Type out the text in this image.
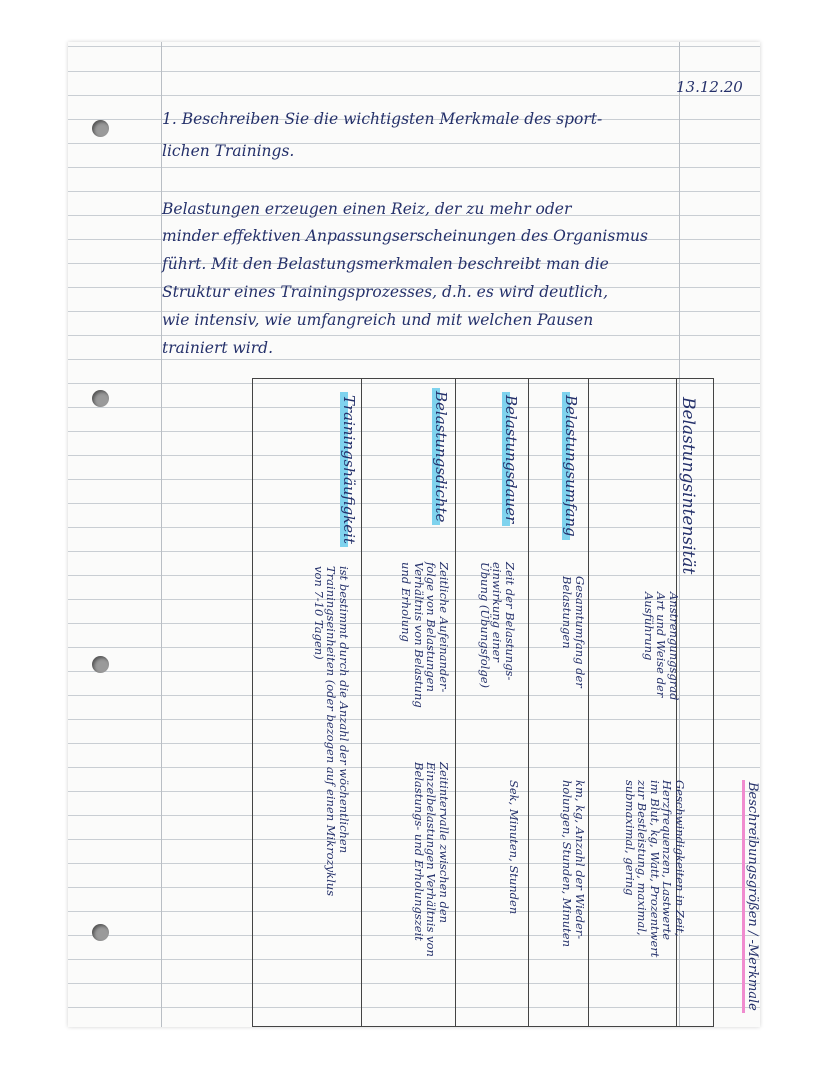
13.12.20
1. Beschreiben Sie die wichtigsten Merkmale des sport-
lichen Trainings.
Belastungen erzeugen einen Reiz, der zu mehr oder
minder effektiven Anpassungserscheinungen des Organismus
führt. Mit den Belastungsmerkmalen beschreibt man die
Struktur eines Trainingsprozesses, d.h. es wird deutlich,
wie intensiv, wie umfangreich und mit welchen Pausen
trainiert wird.
Beschreibungsgrößen / -Merkmale
Belastungsintensität
Anstrengungsgrad
Art und Weise der
Ausführung
Geschwindigkeiten in Zeit,
Herzfrequenzen, Lastwerte
im Blut, kg, Watt, Prozentwert
zur Bestleistung, maximal,
submaximal, gering
Belastungsumfang
Gesamtumfang der
Belastungen
km, kg, Anzahl der Wieder-
holungen, Stunden, Minuten
Belastungsdauer
Zeit der Belastungs-
einwirkung einer
Übung (Übungsfolge)
Sek, Minuten, Stunden
Belastungsdichte
Zeitliche Aufeinander-
folge von Belastungen
Verhältnis von Belastung
und Erholung
Zeitintervalle zwischen den
Einzelbelastungen Verhältnis von
Belastungs- und Erholungszeit
Trainingshäufigkeit
ist bestimmt durch die Anzahl der wöchentlichen
Trainingseinheiten (oder bezogen auf einen Mikrozyklus
von 7-10 Tagen)
